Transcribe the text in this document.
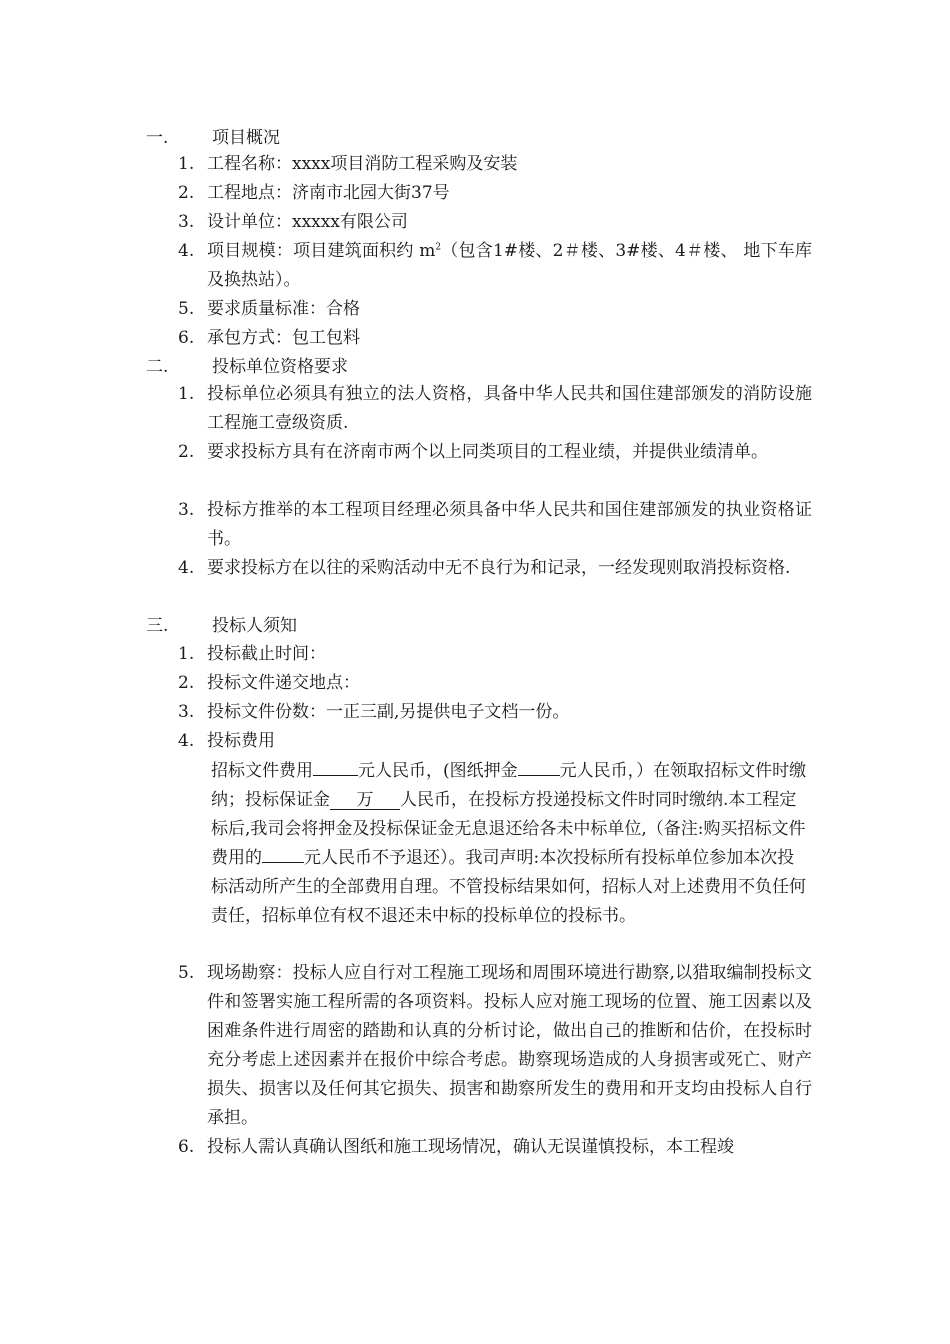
一.	项目概况
1. 工程名称：xxxx项目消防工程采购及安装
2. 工程地点：济南市北园大街37号
3. 设计单位：xxxxx有限公司
4. 项目规模：项目建筑面积约 $m^2$（包含1#楼、2＃楼、3#楼、4＃楼、 地下车库及换热站）。
5. 要求质量标准：合格
6. 承包方式：包工包料
二.	投标单位资格要求
1. 投标单位必须具有独立的法人资格，具备中华人民共和国住建部颁发的消防设施工程施工壹级资质.
2. 要求投标方具有在济南市两个以上同类项目的工程业绩，并提供业绩清单。
3. 投标方推举的本工程项目经理必须具备中华人民共和国住建部颁发的执业资格证书。
4. 要求投标方在以往的采购活动中无不良行为和记录，一经发现则取消投标资格.
三.	投标人须知
1. 投标截止时间：
2. 投标文件递交地点：
3. 投标文件份数：一正三副,另提供电子文档一份。
4. 投标费用
招标文件费用	元人民币，(图纸押金 元人民币，）在领取招标文件时缴纳；投标保证金 万 人民币，在投标方投递投标文件时同时缴纳.本工程定标后,我司会将押金及投标保证金无息退还给各未中标单位,（备注:购买招标文件费用的 元人民币不予退还）。我司声明:本次投标所有投标单位参加本次投标活动所产生的全部费用自理。不管投标结果如何，招标人对上述费用不负任何责任，招标单位有权不退还未中标的投标单位的投标书。
5. 现场勘察：投标人应自行对工程施工现场和周围环境进行勘察,以猎取编制投标文件和签署实施工程所需的各项资料。投标人应对施工现场的位置、施工因素以及困难条件进行周密的踏勘和认真的分析讨论，做出自己的推断和估价，在投标时充分考虑上述因素并在报价中综合考虑。勘察现场造成的人身损害或死亡、财产损失、损害以及任何其它损失、损害和勘察所发生的费用和开支均由投标人自行承担。
6. 投标人需认真确认图纸和施工现场情况，确认无误谨慎投标，本工程竣
